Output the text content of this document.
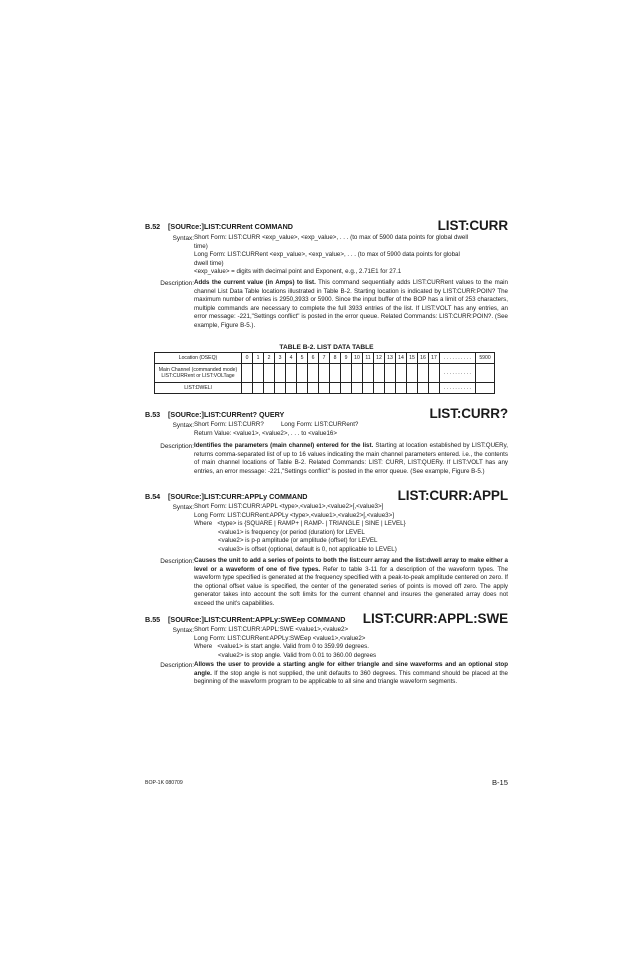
B.52 [SOURce:]LIST:CURRent COMMAND	LIST:CURR
Syntax: Short Form: LIST:CURR <exp_value>, <exp_value>, . . . (to max of 5900 data points for global dwell
time)
Long Form: LIST:CURRent <exp_value>, <exp_value>, . . . (to max of 5900 data points for global
dwell time)
<exp_value> = digits with decimal point and Exponent, e.g., 2.71E1 for 27.1
Description: Adds the current value (in Amps) to list. This command sequentially adds LIST:CURRent values to the main channel List Data Table locations illustrated in Table B-2. Starting location is indicated by LIST:CURR:POIN? The maximum number of entries is 2950,3933 or 5900. Since the input buffer of the BOP has a limit of 253 characters, multiple commands are necessary to complete the full 3933 entries of the list. If LIST:VOLT has any entries, an error message: -221,"Settings conflict" is posted in the error queue. Related Commands: LIST:CURR:POIN?. (See example, Figure B-5.).
TABLE B-2. LIST DATA TABLE
Location (DSEQ)	0	1	2	3	4	5	6	7	8	9	10	11	12	13	14	15	16	17	. . . . . . . . . .	5900
Main Channel (commanded mode) LIST:CURRent or LIST:VOLTage																			. . . . . . . . . .	
LIST:DWELl																			. . . . . . . . . .	
B.53 [SOURce:]LIST:CURRent? QUERY	LIST:CURR?
Syntax: Short Form: LIST:CURR?          Long Form: LIST:CURRent?
Return Value: <value1>, <value2>, . . . to <value16>
Description: Identifies the parameters (main channel) entered for the list. Starting at location established by LIST:QUERy, returns comma-separated list of up to 16 values indicating the main channel parameters entered. i.e., the contents of main channel locations of Table B-2. Related Commands: LIST: CURR, LIST:QUERy. If LIST:VOLT has any entries, an error message: -221,"Settings conflict" is posted in the error queue. (See example, Figure B-5.)
B.54 [SOURce:]LIST:CURR:APPLy COMMAND	LIST:CURR:APPL
Syntax: Short Form: LIST:CURR:APPL <type>,<value1>,<value2>[,<value3>]
Long Form: LIST:CURRent:APPLy <type>,<value1>,<value2>[,<value3>]
Where   <type> is {SQUARE | RAMP+ | RAMP- | TRIANGLE | SINE | LEVEL}
<value1> is frequency (or period (duration) for LEVEL
<value2> is p-p amplitude (or amplitude (offset) for LEVEL
<value3> is offset (optional, default is 0, not applicable to LEVEL)
Description: Causes the unit to add a series of points to both the list:curr array and the list:dwell array to make either a level or a waveform of one of five types. Refer to table 3-11 for a description of the waveform types. The waveform type specified is generated at the frequency specified with a peak-to-peak amplitude centered on zero. If the optional offset value is specified, the center of the generated series of points is moved off zero. The apply generator takes into account the soft limits for the current channel and insures the generated array does not exceed the unit's capabilities.
B.55 [SOURce:]LIST:CURRent:APPLy:SWEep COMMAND LIST:CURR:APPL:SWE
Syntax: Short Form: LIST:CURR:APPL:SWE <value1>,<value2>
Long Form: LIST:CURRent:APPLy:SWEep <value1>,<value2>
Where   <value1> is start angle. Valid from 0 to 359.99 degrees.
<value2> is stop angle. Valid from 0.01 to 360.00 degrees
Description: Allows the user to provide a starting angle for either triangle and sine waveforms and an optional stop angle. If the stop angle is not supplied, the unit defaults to 360 degrees. This command should be placed at the beginning of the waveform program to be applicable to all sine and triangle waveform segments.
BOP-1K 080709	B-15
